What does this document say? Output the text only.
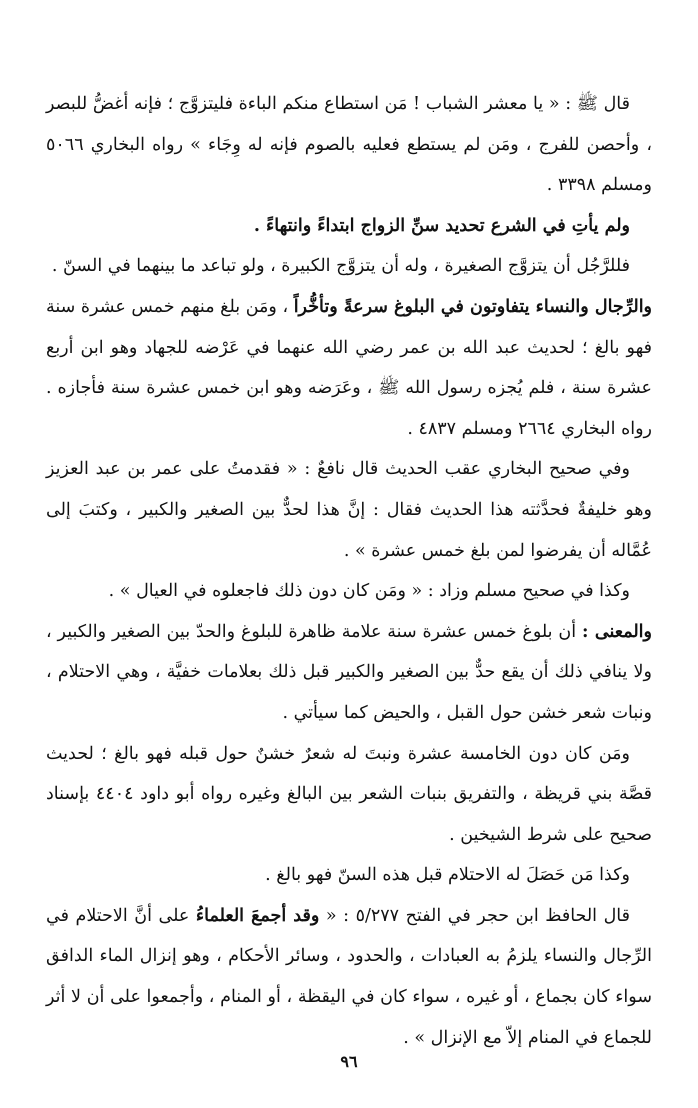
قال ﷺ : « يا معشر الشباب ! مَن استطاع منكم الباءة فليتزوَّج ؛ فإنه أغضُّ للبصر ، وأحصن للفرج ، ومَن لم يستطع فعليه بالصوم فإنه له وِجَاء » رواه البخاري ٥٠٦٦ ومسلم ٣٣٩٨ .

ولم يأتِ في الشرع تحديد سنِّ الزواج ابتداءً وانتهاءً .

فللرَّجُل أن يتزوَّج الصغيرة ، وله أن يتزوَّج الكبيرة ، ولو تباعد ما بينهما في السنّ .

والرِّجال والنساء يتفاوتون في البلوغ سرعةً وتأخُّراً ، ومَن بلغ منهم خمس عشرة سنة فهو بالغ ؛ لحديث عبد الله بن عمر رضي الله عنهما في عَرْضه للجهاد وهو ابن أربع عشرة سنة ، فلم يُجزه رسول الله ﷺ ، وعَرَضه وهو ابن خمس عشرة سنة فأجازه . رواه البخاري ٢٦٦٤ ومسلم ٤٨٣٧ .

وفي صحيح البخاري عقب الحديث قال نافعٌ : « فقدمتُ على عمر بن عبد العزيز وهو خليفةٌ فحدَّثته هذا الحديث فقال : إنَّ هذا لحدٌّ بين الصغير والكبير ، وكتبَ إلى عُمَّاله أن يفرضوا لمن بلغ خمس عشرة » .

وكذا في صحيح مسلم وزاد : « ومَن كان دون ذلك فاجعلوه في العيال » .

والمعنى : أن بلوغ خمس عشرة سنة علامة ظاهرة للبلوغ والحدّ بين الصغير والكبير ، ولا ينافي ذلك أن يقع حدٌّ بين الصغير والكبير قبل ذلك بعلامات خفيَّة ، وهي الاحتلام ، ونبات شعر خشن حول القبل ، والحيض كما سيأتي .

ومَن كان دون الخامسة عشرة ونبتَ له شعرٌ خشنٌ حول قبله فهو بالغ ؛ لحديث قصَّة بني قريظة ، والتفريق بنبات الشعر بين البالغ وغيره رواه أبو داود ٤٤٠٤ بإسناد صحيح على شرط الشيخين .

وكذا مَن حَصَلَ له الاحتلام قبل هذه السنّ فهو بالغ .

قال الحافظ ابن حجر في الفتح ٥/٢٧٧ : « وقد أجمعَ العلماءُ على أنَّ الاحتلام في الرِّجال والنساء يلزمُ به العبادات ، والحدود ، وسائر الأحكام ، وهو إنزال الماء الدافق سواء كان بجماع ، أو غيره ، سواء كان في اليقظة ، أو المنام ، وأجمعوا على أن لا أثر للجماع في المنام إلاّ مع الإنزال » .

٩٦
